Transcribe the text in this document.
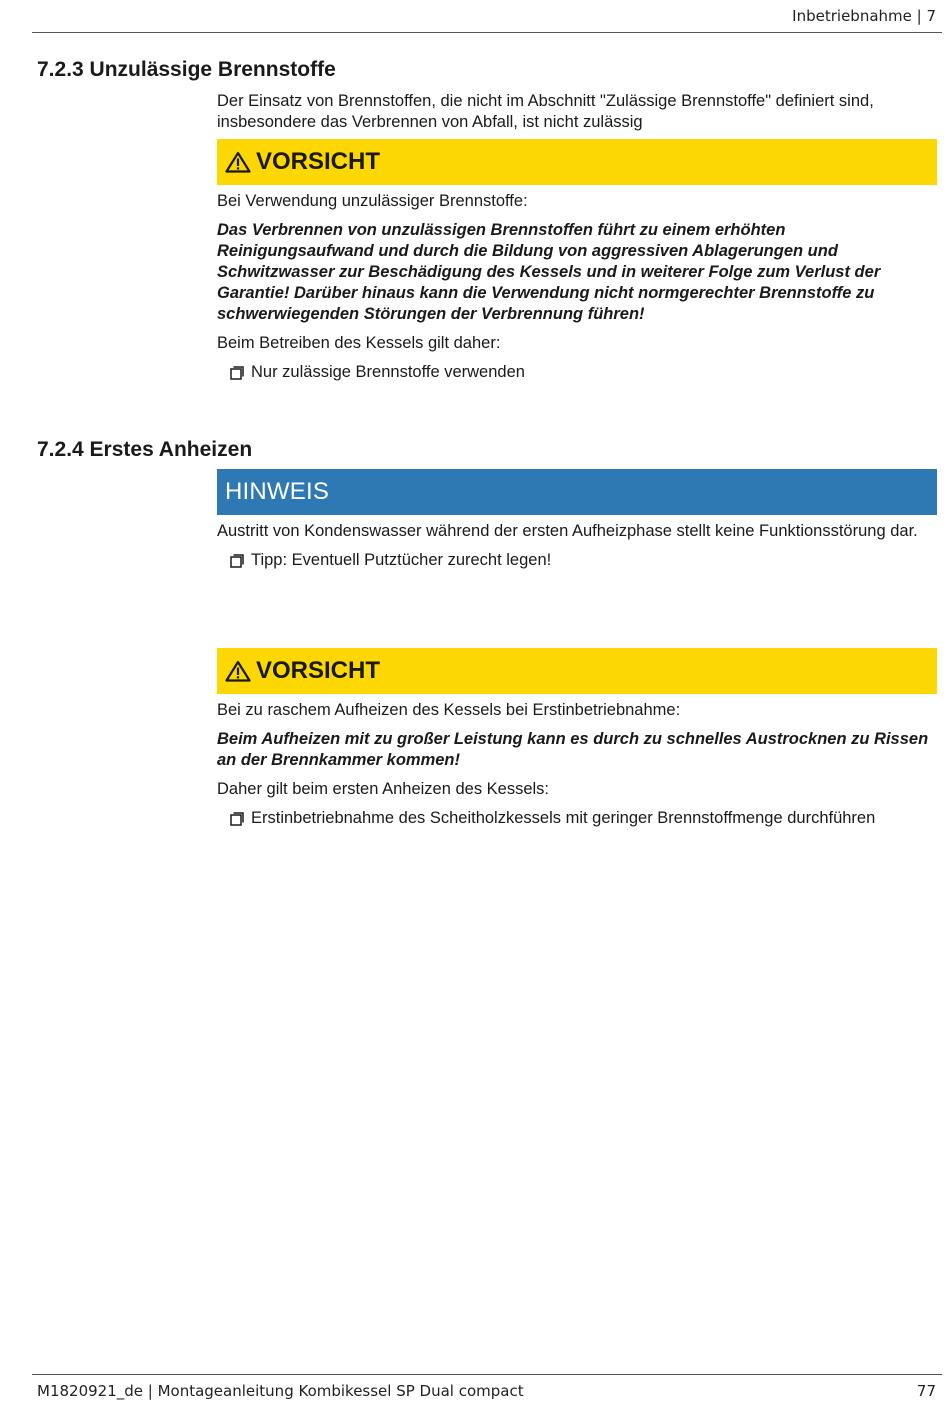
Inbetriebnahme | 7
7.2.3 Unzulässige Brennstoffe

Der Einsatz von Brennstoffen, die nicht im Abschnitt "Zulässige Brennstoffe" definiert sind, insbesondere das Verbrennen von Abfall, ist nicht zulässig

VORSICHT

Bei Verwendung unzulässiger Brennstoffe:

Das Verbrennen von unzulässigen Brennstoffen führt zu einem erhöhten Reinigungsaufwand und durch die Bildung von aggressiven Ablagerungen und Schwitzwasser zur Beschädigung des Kessels und in weiterer Folge zum Verlust der Garantie! Darüber hinaus kann die Verwendung nicht normgerechter Brennstoffe zu schwerwiegenden Störungen der Verbrennung führen!

Beim Betreiben des Kessels gilt daher:

Nur zulässige Brennstoffe verwenden
7.2.4 Erstes Anheizen
HINWEIS

Austritt von Kondenswasser während der ersten Aufheizphase stellt keine Funktionsstörung dar.

Tipp: Eventuell Putztücher zurecht legen!
VORSICHT

Bei zu raschem Aufheizen des Kessels bei Erstinbetriebnahme:

Beim Aufheizen mit zu großer Leistung kann es durch zu schnelles Austrocknen zu Rissen an der Brennkammer kommen!

Daher gilt beim ersten Anheizen des Kessels:

Erstinbetriebnahme des Scheitholzkessels mit geringer Brennstoffmenge durchführen
M1820921_de | Montageanleitung Kombikessel SP Dual compact	77
